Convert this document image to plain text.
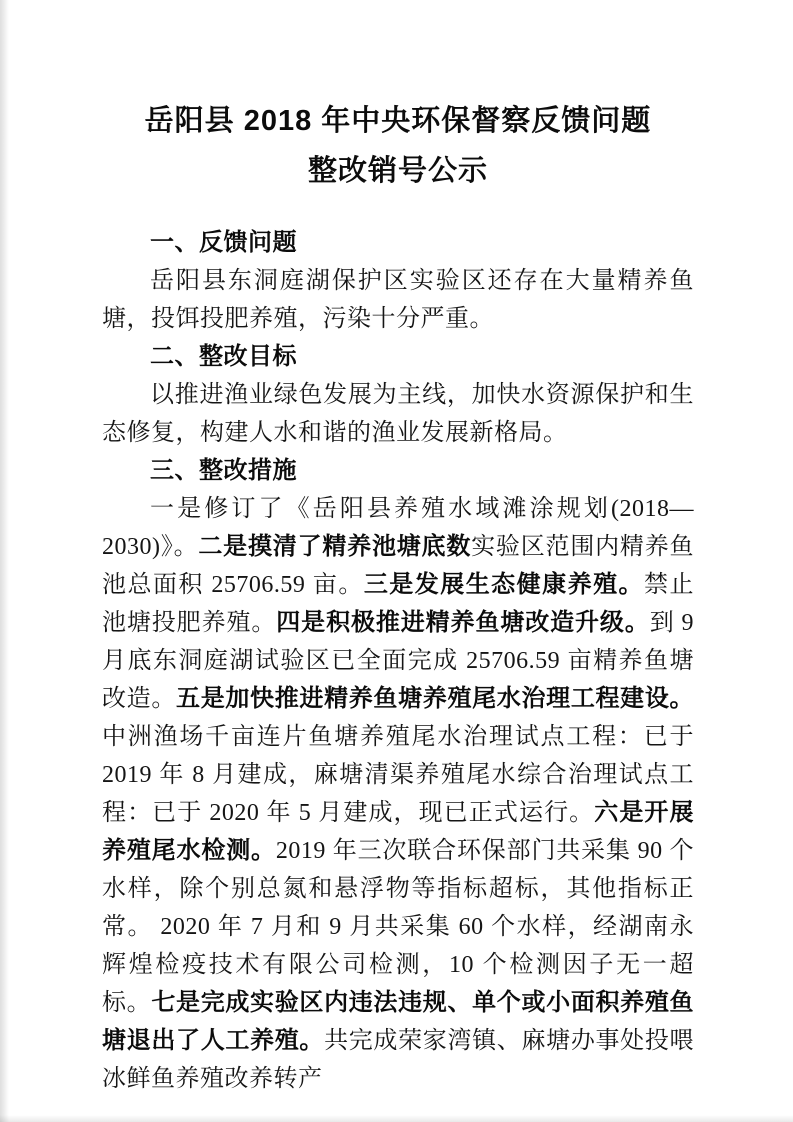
岳阳县 2018 年中央环保督察反馈问题
整改销号公示

一、反馈问题

岳阳县东洞庭湖保护区实验区还存在大量精养鱼塘，投饵投肥养殖，污染十分严重。

二、整改目标

以推进渔业绿色发展为主线，加快水资源保护和生态修复，构建人水和谐的渔业发展新格局。

三、整改措施

一是修订了《岳阳县养殖水域滩涂规划(2018—2030)》。二是摸清了精养池塘底数实验区范围内精养鱼池总面积 25706.59 亩。三是发展生态健康养殖。禁止池塘投肥养殖。四是积极推进精养鱼塘改造升级。到 9 月底东洞庭湖试验区已全面完成 25706.59 亩精养鱼塘改造。五是加快推进精养鱼塘养殖尾水治理工程建设。中洲渔场千亩连片鱼塘养殖尾水治理试点工程：已于 2019 年 8 月建成，麻塘清渠养殖尾水综合治理试点工程：已于 2020 年 5 月建成，现已正式运行。六是开展养殖尾水检测。2019 年三次联合环保部门共采集 90 个水样，除个别总氮和悬浮物等指标超标，其他指标正常。 2020 年 7 月和 9 月共采集 60 个水样，经湖南永辉煌检疫技术有限公司检测，10 个检测因子无一超标。七是完成实验区内违法违规、单个或小面积养殖鱼塘退出了人工养殖。共完成荣家湾镇、麻塘办事处投喂冰鲜鱼养殖改养转产
